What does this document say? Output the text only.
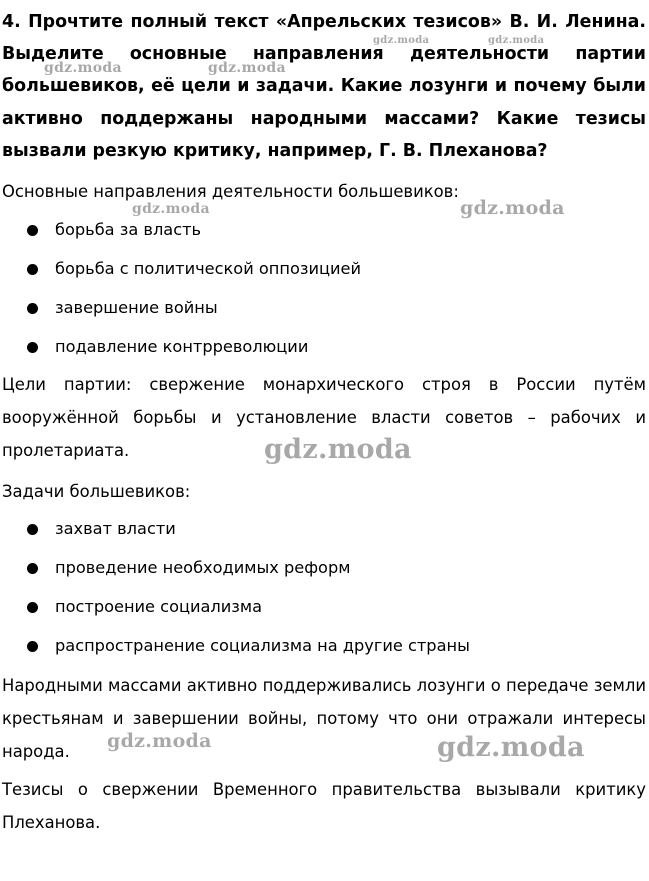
4. Прочтите полный текст «Апрельских тезисов» В. И. Ленина. Выделите основные направления деятельности партии большевиков, её цели и задачи. Какие лозунги и почему были активно поддержаны народными массами? Какие тезисы вызвали резкую критику, например, Г. В. Плеханова?

Основные направления деятельности большевиков:

борьба за власть
борьба с политической оппозицией
завершение войны
подавление контрреволюции

Цели партии: свержение монархического строя в России путём вооружённой борьбы и установление власти советов – рабочих и пролетариата.

Задачи большевиков:

захват власти
проведение необходимых реформ
построение социализма
распространение социализма на другие страны

Народными массами активно поддерживались лозунги о передаче земли крестьянам и завершении войны, потому что они отражали интересы народа.

Тезисы о свержении Временного правительства вызывали критику Плеханова.

gdz.moda	gdz.moda
gdz.moda	gdz.moda
gdz.moda	gdz.moda
gdz.moda
gdz.moda	gdz.moda
